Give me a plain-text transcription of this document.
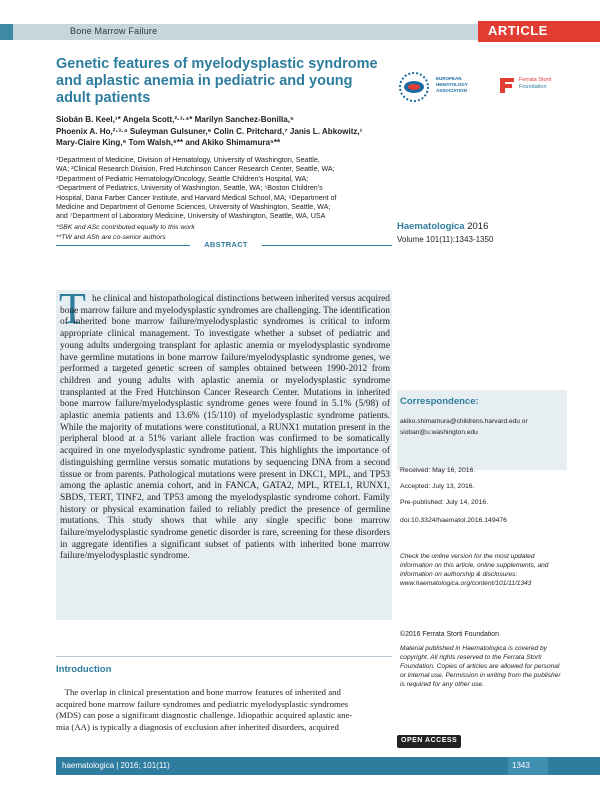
Bone Marrow Failure	ARTICLE
Genetic features of myelodysplastic syndrome
and aplastic anemia in pediatric and young
adult patients
Siobán B. Keel,¹* Angela Scott,²·³·⁴* Marilyn Sanchez-Bonilla,⁵
Phoenix A. Ho,²·³·⁴ Suleyman Gulsuner,⁶ Colin C. Pritchard,⁷ Janis L. Abkowitz,¹
Mary-Claire King,⁶ Tom Walsh,⁶** and Akiko Shimamura⁵**
¹Department of Medicine, Division of Hematology, University of Washington, Seattle,
WA; ²Clinical Research Division, Fred Hutchinson Cancer Research Center, Seattle, WA;
³Department of Pediatric Hematology/Oncology, Seattle Children's Hospital, WA;
⁴Department of Pediatrics, University of Washington, Seattle, WA; ⁵Boston Children's
Hospital, Dana Farber Cancer Institute, and Harvard Medical School, MA; ⁶Department of
Medicine and Department of Genome Sciences, University of Washington, Seattle, WA;
and ⁷Department of Laboratory Medicine, University of Washington, Seattle, WA, USA
*SBK and ASc contributed equally to this work
**TW and ASh are co-senior authors
EUROPEAN
HEMATOLOGY
ASSOCIATION
Ferrata Storti
Foundation
Haematologica 2016
Volume 101(11):1343-1350
ABSTRACT
T he clinical and histopathological distinctions between inherited versus acquired bone marrow failure and myelodysplastic syndromes are challenging. The identification of inherited bone marrow failure/myelodysplastic syndromes is critical to inform appropriate clinical management. To investigate whether a subset of pediatric and young adults undergoing transplant for aplastic anemia or myelodysplastic syndrome have germline mutations in bone marrow failure/myelodysplastic syndrome genes, we performed a targeted genetic screen of samples obtained between 1990-2012 from children and young adults with aplastic anemia or myelodysplastic syndrome transplanted at the Fred Hutchinson Cancer Research Center. Mutations in inherited bone marrow failure/myelodysplastic syndrome genes were found in 5.1% (5/98) of aplastic anemia patients and 13.6% (15/110) of myelodysplastic syndrome patients. While the majority of mutations were constitutional, a RUNX1 mutation present in the peripheral blood at a 51% variant allele fraction was confirmed to be somatically acquired in one myelodysplastic syndrome patient. This highlights the importance of distinguishing germline versus somatic mutations by sequencing DNA from a second tissue or from parents. Pathological mutations were present in DKC1, MPL, and TP53 among the aplastic anemia cohort, and in FANCA, GATA2, MPL, RTEL1, RUNX1, SBDS, TERT, TINF2, and TP53 among the myelodysplastic syndrome cohort. Family history or physical examination failed to reliably predict the presence of germline mutations. This study shows that while any single specific bone marrow failure/myelodysplastic syndrome genetic disorder is rare, screening for these disorders in aggregate identifies a significant subset of patients with inherited bone marrow failure/myelodysplastic syndrome.

Correspondence:
akiko.shimamura@childrens.harvard.edu or sioban@u.washington.edu
Received: May 16, 2016.
Accepted: July 13, 2016.
Pre-published: July 14, 2016.
doi:10.3324/haematol.2016.149476
Check the online version for the most updated information on this article, online supplements, and information on authorship & disclosures: www.haematologica.org/content/101/11/1343
©2016 Ferrata Storti Foundation
Material published in Haematologica is covered by copyright. All rights reserved to the Ferrata Storti Foundation. Copies of articles are allowed for personal or internal use. Permission in writing from the publisher is required for any other use.
OPEN ACCESS
Introduction
The overlap in clinical presentation and bone marrow features of inherited and
acquired bone marrow failure syndromes and pediatric myelodysplastic syndromes
(MDS) can pose a significant diagnostic challenge. Idiopathic acquired aplastic ane-
mia (AA) is typically a diagnosis of exclusion after inherited disorders, acquired
haematologica | 2016; 101(11)	1343
